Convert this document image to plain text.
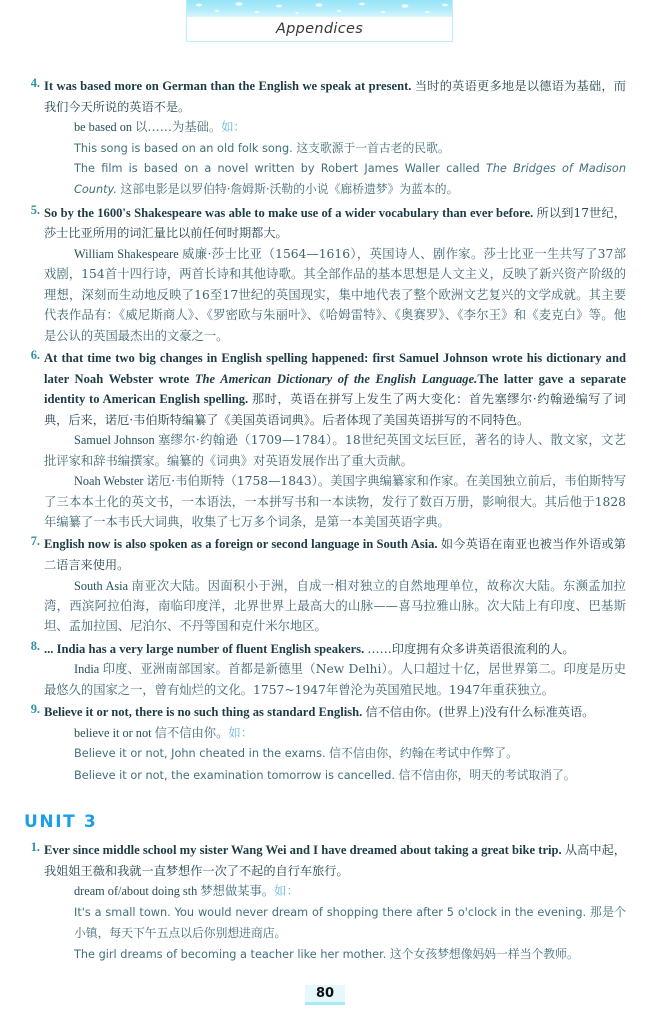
Appendices
4. It was based more on German than the English we speak at present. 当时的英语更多地是以德语为基础，而我们今天所说的英语不是。
be based on 以……为基础。如：
This song is based on an old folk song. 这支歌源于一首古老的民歌。
The film is based on a novel written by Robert James Waller called The Bridges of Madison County. 这部电影是以罗伯特·詹姆斯·沃勒的小说《廊桥遗梦》为蓝本的。
5. So by the 1600's Shakespeare was able to make use of a wider vocabulary than ever before. 所以到17世纪，莎士比亚所用的词汇量比以前任何时期都大。
William Shakespeare 威廉·莎士比亚（1564—1616），英国诗人、剧作家。莎士比亚一生共写了37部戏剧，154首十四行诗，两首长诗和其他诗歌。其全部作品的基本思想是人文主义，反映了新兴资产阶级的理想，深刻而生动地反映了16至17世纪的英国现实，集中地代表了整个欧洲文艺复兴的文学成就。其主要代表作品有：《威尼斯商人》、《罗密欧与朱丽叶》、《哈姆雷特》、《奥赛罗》、《李尔王》和《麦克白》等。他是公认的英国最杰出的文豪之一。
6. At that time two big changes in English spelling happened: first Samuel Johnson wrote his dictionary and later Noah Webster wrote The American Dictionary of the English Language.The latter gave a separate identity to American English spelling. 那时，英语在拼写上发生了两大变化：首先塞缪尔·约翰逊编写了词典，后来，诺厄·韦伯斯特编纂了《美国英语词典》。后者体现了美国英语拼写的不同特色。
Samuel Johnson 塞缪尔·约翰逊（1709—1784）。18世纪英国文坛巨匠，著名的诗人、散文家，文艺批评家和辞书编撰家。编纂的《词典》对英语发展作出了重大贡献。
Noah Webster 诺厄·韦伯斯特（1758—1843）。美国字典编纂家和作家。在美国独立前后，韦伯斯特写了三本本土化的英文书，一本语法，一本拼写书和一本读物，发行了数百万册，影响很大。其后他于1828年编纂了一本韦氏大词典，收集了七万多个词条，是第一本美国英语字典。
7. English now is also spoken as a foreign or second language in South Asia. 如今英语在南亚也被当作外语或第二语言来使用。
South Asia 南亚次大陆。因面积小于洲，自成一相对独立的自然地理单位，故称次大陆。东濒孟加拉湾，西滨阿拉伯海，南临印度洋，北界世界上最高大的山脉——喜马拉雅山脉。次大陆上有印度、巴基斯坦、孟加拉国、尼泊尔、不丹等国和克什米尔地区。
8. ... India has a very large number of fluent English speakers. ……印度拥有众多讲英语很流利的人。
India 印度、亚洲南部国家。首都是新德里（New Delhi）。人口超过十亿，居世界第二。印度是历史最悠久的国家之一，曾有灿烂的文化。1757~1947年曾沦为英国殖民地。1947年重获独立。
9. Believe it or not, there is no such thing as standard English. 信不信由你。(世界上)没有什么标准英语。
believe it or not 信不信由你。如：
Believe it or not, John cheated in the exams. 信不信由你，约翰在考试中作弊了。
Believe it or not, the examination tomorrow is cancelled. 信不信由你，明天的考试取消了。
UNIT 3
1. Ever since middle school my sister Wang Wei and I have dreamed about taking a great bike trip. 从高中起，我姐姐王薇和我就一直梦想作一次了不起的自行车旅行。
dream of/about doing sth 梦想做某事。如：
It's a small town. You would never dream of shopping there after 5 o'clock in the evening. 那是个小镇，每天下午五点以后你别想进商店。
The girl dreams of becoming a teacher like her mother. 这个女孩梦想像妈妈一样当个教师。
80
